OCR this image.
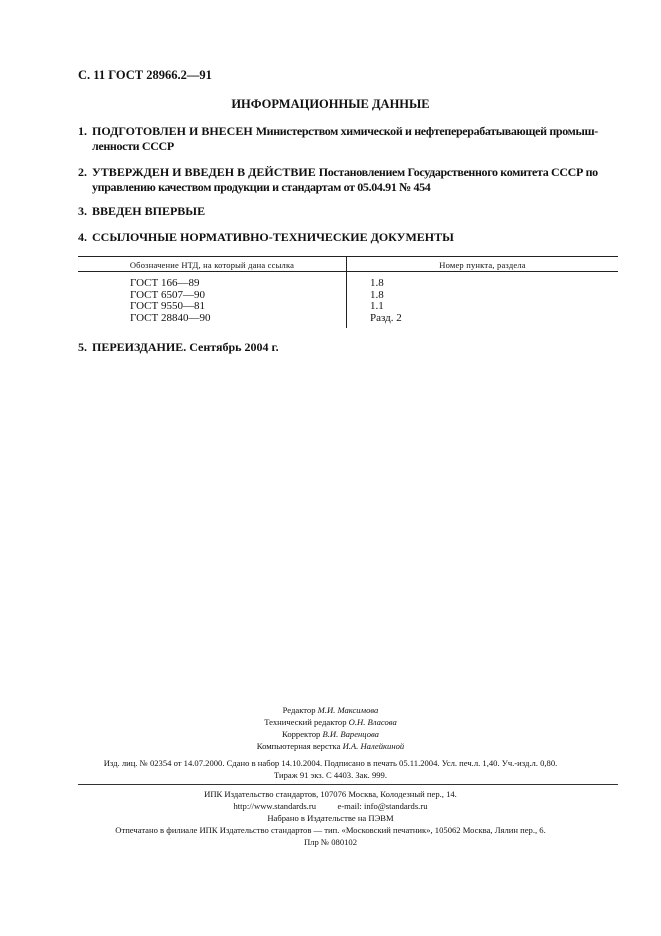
С. 11 ГОСТ 28966.2—91
ИНФОРМАЦИОННЫЕ ДАННЫЕ
1. ПОДГОТОВЛЕН И ВНЕСЕН Министерством химической и нефтеперерабатывающей промыш-
ленности СССР
2. УТВЕРЖДЕН И ВВЕДЕН В ДЕЙСТВИЕ Постановлением Государственного комитета СССР по
управлению качеством продукции и стандартам от 05.04.91 № 454
3. ВВЕДЕН ВПЕРВЫЕ
4. ССЫЛОЧНЫЕ НОРМАТИВНО-ТЕХНИЧЕСКИЕ ДОКУМЕНТЫ
Обозначение НТД, на который дана ссылка	Номер пункта, раздела
ГОСТ 166—89	1.8
ГОСТ 6507—90	1.8
ГОСТ 9550—81	1.1
ГОСТ 28840—90	Разд. 2
5. ПЕРЕИЗДАНИЕ. Сентябрь 2004 г.
Редактор М.И. Максимова
Технический редактор О.Н. Власова
Корректор В.И. Варенцова
Компьютерная верстка И.А. Налейкиной
Изд. лиц. № 02354 от 14.07.2000. Сдано в набор 14.10.2004. Подписано в печать 05.11.2004. Усл. печ.л. 1,40. Уч.-изд.л. 0,80.
Тираж 91 экз. С 4403. Зак. 999.
ИПК Издательство стандартов, 107076 Москва, Колодезный пер., 14.
http://www.standards.ru e-mail: info@standards.ru
Набрано в Издательстве на ПЭВМ
Отпечатано в филиале ИПК Издательство стандартов — тип. «Московский печатник», 105062 Москва, Лялин пер., 6.
Плр № 080102
